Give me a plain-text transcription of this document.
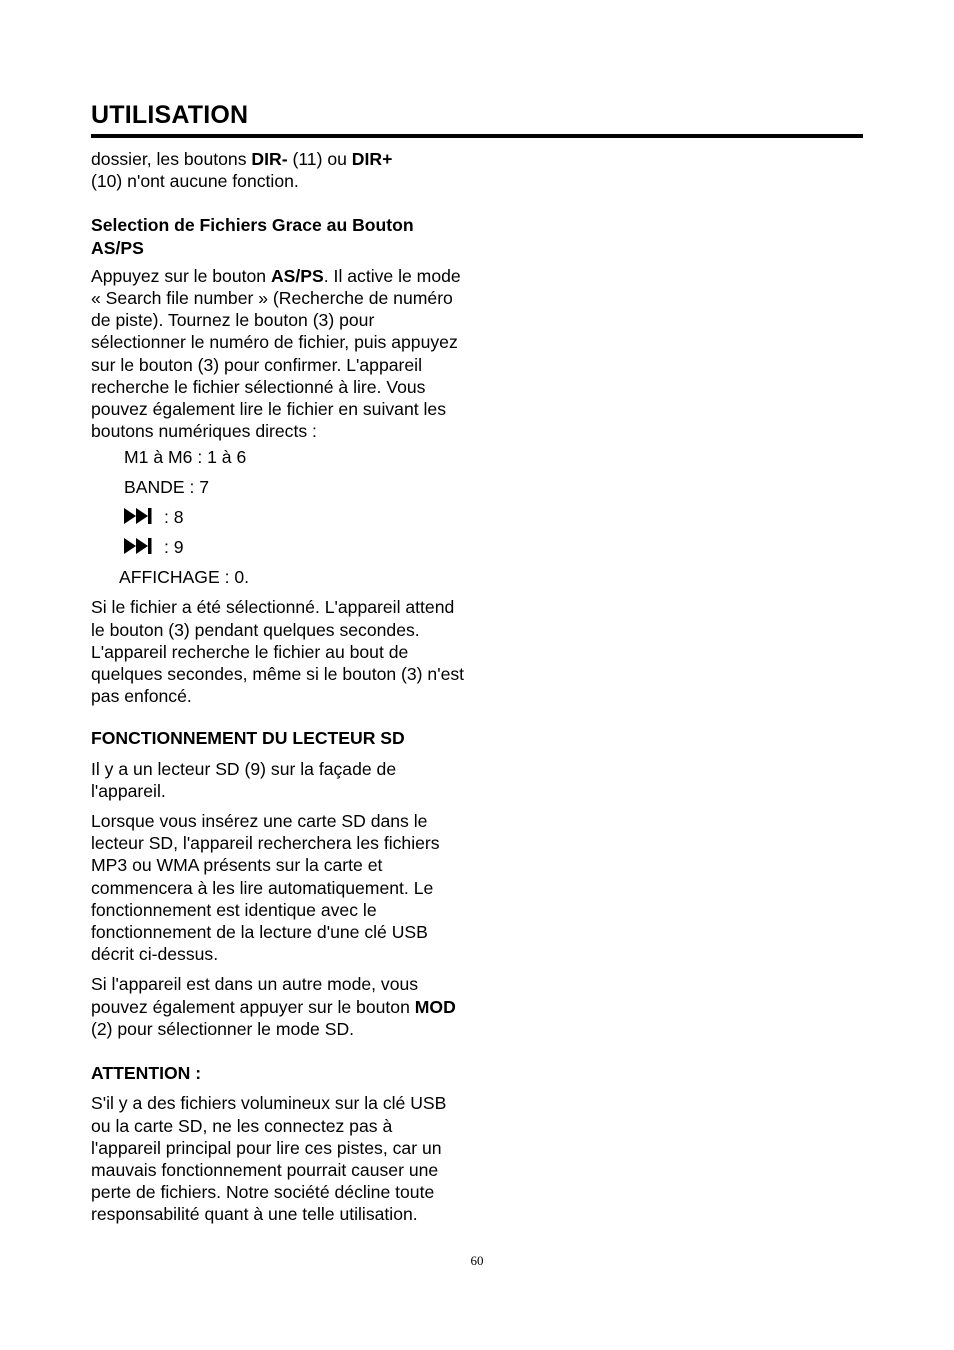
UTILISATION

dossier, les boutons DIR- (11) ou DIR+
(10) n'ont aucune fonction.

Selection de Fichiers Grace au Bouton AS/PS

Appuyez sur le bouton AS/PS. Il active le mode « Search file number » (Recherche de numéro de piste). Tournez le bouton (3) pour sélectionner le numéro de fichier, puis appuyez sur le bouton (3) pour confirmer. L'appareil recherche le fichier sélectionné à lire. Vous pouvez également lire le fichier en suivant les boutons numériques directs :

M1 à M6 : 1 à 6
BANDE : 7
: 8
: 9
AFFICHAGE : 0.

Si le fichier a été sélectionné. L'appareil attend le bouton (3) pendant quelques secondes. L'appareil recherche le fichier au bout de quelques secondes, même si le bouton (3) n'est pas enfoncé.

FONCTIONNEMENT DU LECTEUR SD

Il y a un lecteur SD (9) sur la façade de l'appareil.

Lorsque vous insérez une carte SD dans le lecteur SD, l'appareil recherchera les fichiers MP3 ou WMA présents sur la carte et commencera à les lire automatiquement. Le fonctionnement est identique avec le fonctionnement de la lecture d'une clé USB décrit ci-dessus.

Si l'appareil est dans un autre mode, vous pouvez également appuyer sur le bouton MOD (2) pour sélectionner le mode SD.

ATTENTION :

S'il y a des fichiers volumineux sur la clé USB ou la carte SD, ne les connectez pas à l'appareil principal pour lire ces pistes, car un mauvais fonctionnement pourrait causer une perte de fichiers. Notre société décline toute responsabilité quant à une telle utilisation.

60
